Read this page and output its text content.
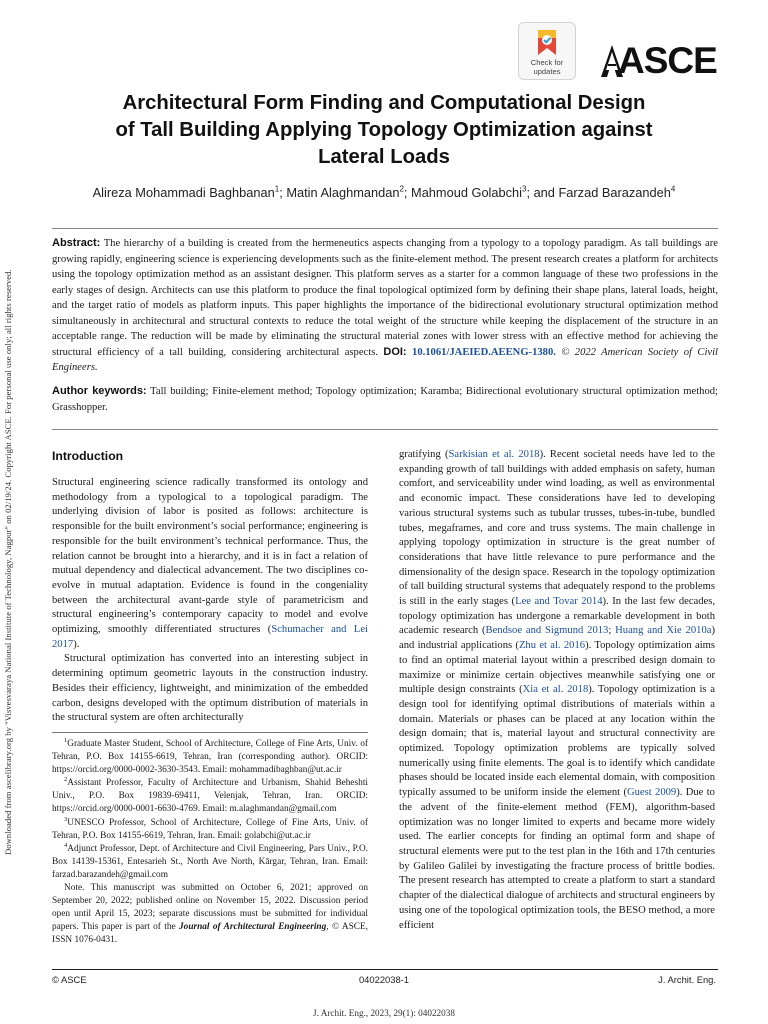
Downloaded from ascelibrary.org by "Visvesvaraya National Institute of Technology, Nagpur" on 02/19/24. Copyright ASCE. For personal use only; all rights reserved.
Check for
updates	ASCE
Architectural Form Finding and Computational Design
of Tall Building Applying Topology Optimization against
Lateral Loads
Alireza Mohammadi Baghbanan$^1$; Matin Alaghmandan$^2$; Mahmoud Golabchi$^3$; and Farzad Barazandeh$^4$

Abstract: The hierarchy of a building is created from the hermeneutics aspects changing from a typology to a topology paradigm. As tall buildings are growing rapidly, engineering science is experiencing developments such as the finite-element method. The present research creates a platform for architects using the topology optimization method as an assistant designer. This platform serves as a starter for a common language of these two professions in the early stages of design. Architects can use this platform to produce the final topological optimized form by defining their shape plans, lateral loads, height, and the target ratio of models as platform inputs. This paper highlights the importance of the bidirectional evolutionary structural optimization method simultaneously in architectural and structural contexts to reduce the total weight of the structure while keeping the displacement of the structure in an acceptable range. The reduction will be made by eliminating the structural material zones with lower stress with an effective method for achieving the structural efficiency of a tall building, considering architectural aspects. DOI: 10.1061/JAEIED.AEENG-1380. © 2022 American Society of Civil Engineers.

Author keywords: Tall building; Finite-element method; Topology optimization; Karamba; Bidirectional evolutionary structural optimization method; Grasshopper.

Introduction

Structural engineering science radically transformed its ontology and methodology from a typological to a topological paradigm. The underlying division of labor is posited as follows: architecture is responsible for the built environment’s social performance; engineering is responsible for the built environment’s technical performance. Thus, the relation cannot be brought into a hierarchy, and it is in fact a relation of mutual dependency and dialectical advancement. The two disciplines co-evolve in mutual adaptation. Evidence is found in the congeniality between the architectural avant-garde style of parametricism and structural engineering’s contemporary capacity to model and evolve optimizing, smoothly differentiated structures (Schumacher and Lei 2017).

Structural optimization has converted into an interesting subject in determining optimum geometric layouts in the construction industry. Besides their efficiency, lightweight, and minimization of the embedded carbon, designs developed with the optimum distribution of materials in the structural system are often architecturally

$^1$Graduate Master Student, School of Architecture, College of Fine Arts, Univ. of Tehran, P.O. Box 14155-6619, Tehran, Iran (corresponding author). ORCID: https://orcid.org/0000-0002-3630-3543. Email: mohammadibaghban@ut.ac.ir

$^2$Assistant Professor, Faculty of Architecture and Urbanism, Shahid Beheshti Univ., P.O. Box 19839-69411, Velenjak, Tehran, Iran. ORCID: https://orcid.org/0000-0001-6630-4769. Email: m.alaghmandan@gmail.com

$^3$UNESCO Professor, School of Architecture, College of Fine Arts, Univ. of Tehran, P.O. Box 14155-6619, Tehran, Iran. Email: golabchi@ut.ac.ir

$^4$Adjunct Professor, Dept. of Architecture and Civil Engineering, Pars Univ., P.O. Box 14139-15361, Entesarieh St., North Ave North, Kārgar, Tehran, Iran. Email: farzad.barazandeh@gmail.com

Note. This manuscript was submitted on October 6, 2021; approved on September 20, 2022; published online on November 15, 2022. Discussion period open until April 15, 2023; separate discussions must be submitted for individual papers. This paper is part of the Journal of Architectural Engineering, © ASCE, ISSN 1076-0431.

gratifying (Sarkisian et al. 2018). Recent societal needs have led to the expanding growth of tall buildings with added emphasis on safety, human comfort, and serviceability under wind loading, as well as environmental and economic impact. These considerations have led to developing various structural systems such as tubular trusses, tubes-in-tube, bundled tubes, megaframes, and core and truss systems. The main challenge in applying topology optimization in structure is the great number of considerations that have little relevance to pure performance and the dimensionality of the design space. Research in the topology optimization of tall building structural systems that adequately respond to the problems is still in the early stages (Lee and Tovar 2014). In the last few decades, topology optimization has undergone a remarkable development in both academic research (Bendsoe and Sigmund 2013; Huang and Xie 2010a) and industrial applications (Zhu et al. 2016). Topology optimization aims to find an optimal material layout within a prescribed design domain to maximize or minimize certain objectives meanwhile satisfying one or multiple design constraints (Xia et al. 2018). Topology optimization is a design tool for identifying optimal distributions of materials within a domain. Materials or phases can be placed at any location within the design domain; that is, material layout and structural connectivity are optimized. Topology optimization problems are typically solved numerically using finite elements. The goal is to identify which candidate phases should be located inside each elemental domain, with composition typically assumed to be uniform inside the element (Guest 2009). Due to the advent of the finite-element method (FEM), algorithm-based optimization was no longer limited to experts and became more widely used. The earlier concepts for finding an optimal form and shape of structural elements were put to the test plan in the 16th and 17th centuries by Galileo Galilei by investigating the fracture process of brittle bodies. The present research has attempted to create a platform to start a standard chapter of the dialectical dialogue of architects and structural engineers by using one of the topological optimization tools, the BESO method, a more efficient

© ASCE	04022038-1	J. Archit. Eng.
J. Archit. Eng., 2023, 29(1): 04022038
